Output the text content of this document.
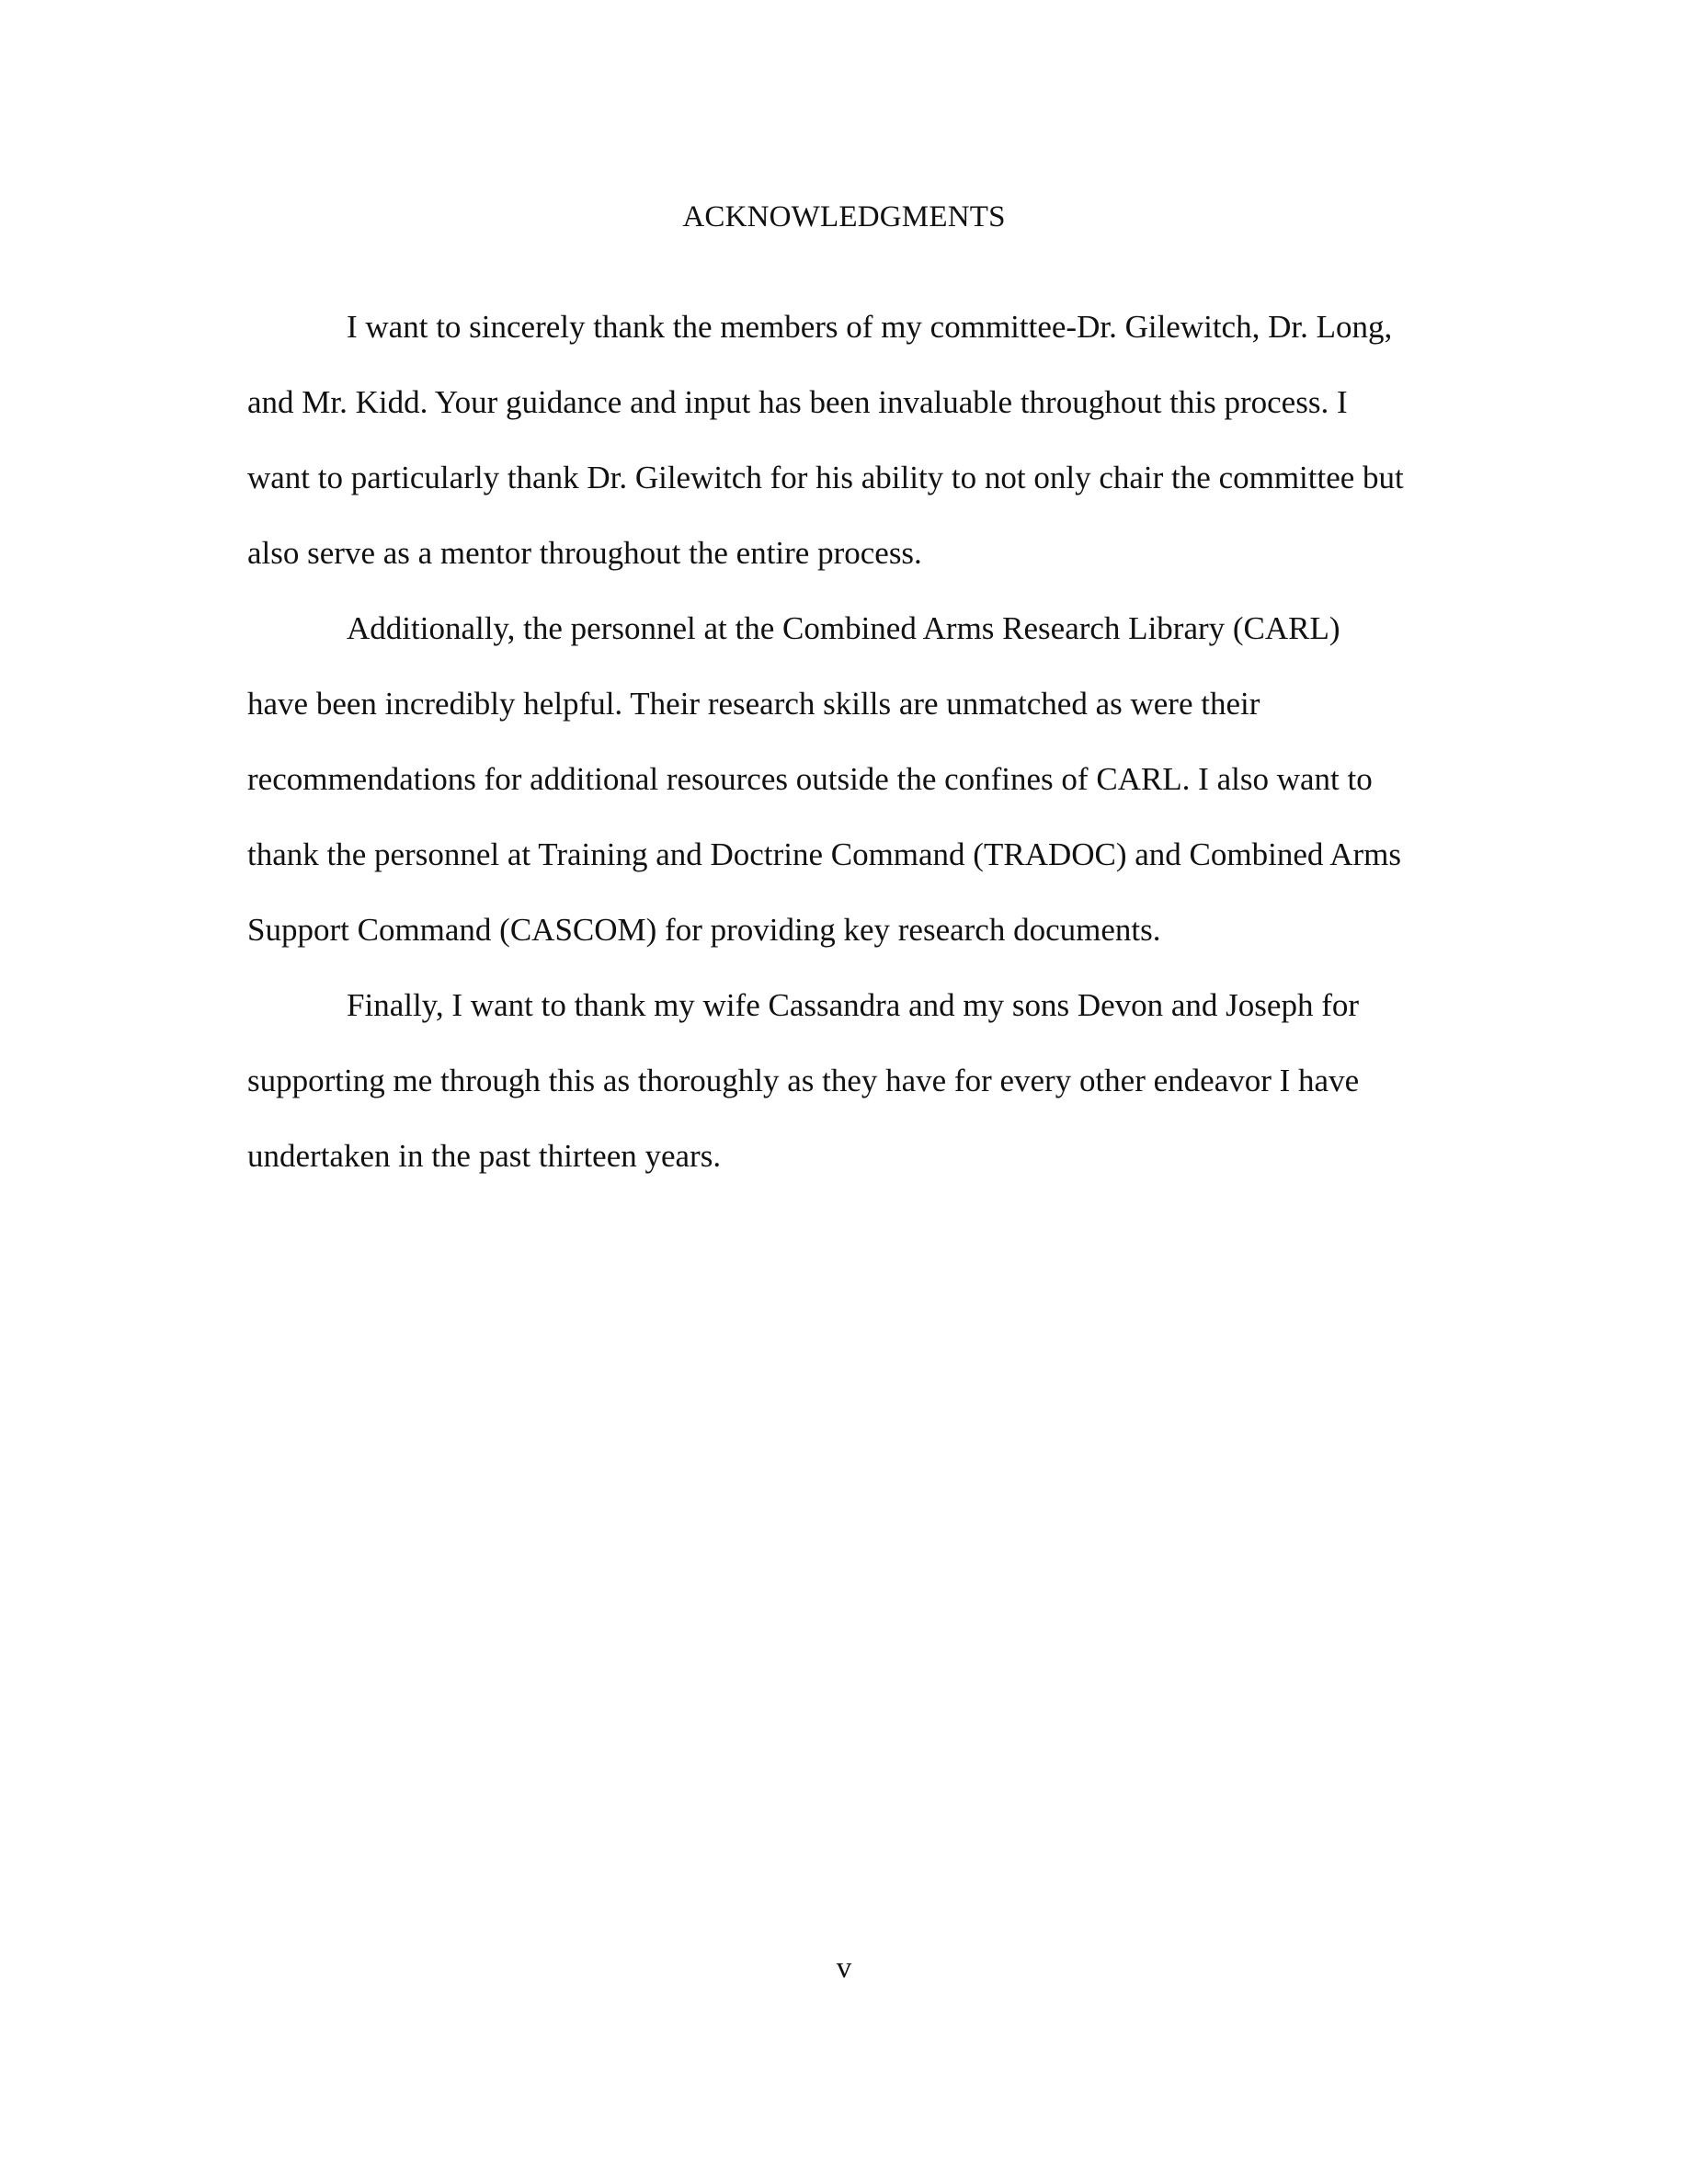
ACKNOWLEDGMENTS
I want to sincerely thank the members of my committee-Dr. Gilewitch, Dr. Long,
and Mr. Kidd. Your guidance and input has been invaluable throughout this process. I
want to particularly thank Dr. Gilewitch for his ability to not only chair the committee but
also serve as a mentor throughout the entire process.
Additionally, the personnel at the Combined Arms Research Library (CARL)
have been incredibly helpful. Their research skills are unmatched as were their
recommendations for additional resources outside the confines of CARL. I also want to
thank the personnel at Training and Doctrine Command (TRADOC) and Combined Arms
Support Command (CASCOM) for providing key research documents.
Finally, I want to thank my wife Cassandra and my sons Devon and Joseph for
supporting me through this as thoroughly as they have for every other endeavor I have
undertaken in the past thirteen years.
v
